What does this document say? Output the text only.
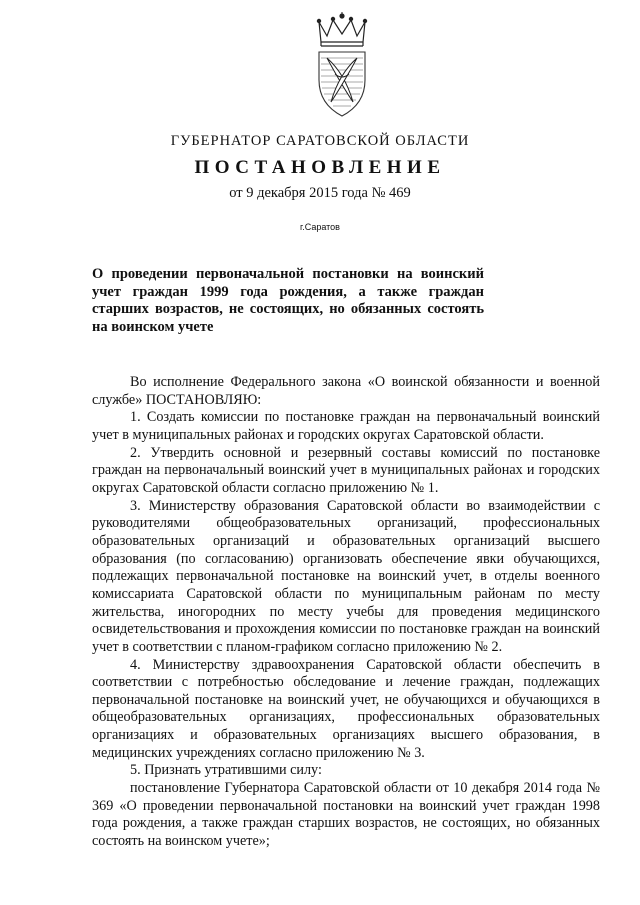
ГУБЕРНАТОР САРАТОВСКОЙ ОБЛАСТИ
ПОСТАНОВЛЕНИЕ
от 9 декабря 2015 года № 469
г.Саратов
О проведении первоначальной постановки на воинский учет граждан 1999 года рождения, а также граждан старших возрастов, не состоящих, но обязанных состоять на воинском учете

Во исполнение Федерального закона «О воинской обязанности и военной службе» ПОСТАНОВЛЯЮ:

1. Создать комиссии по постановке граждан на первоначальный воинский учет в муниципальных районах и городских округах Саратовской области.

2. Утвердить основной и резервный составы комиссий по постановке граждан на первоначальный воинский учет в муниципальных районах и городских округах Саратовской области согласно приложению № 1.

3. Министерству образования Саратовской области во взаимодействии с руководителями общеобразовательных организаций, профессиональных образовательных организаций и образовательных организаций высшего образования (по согласованию) организовать обеспечение явки обучающихся, подлежащих первоначальной постановке на воинский учет, в отделы военного комиссариата Саратовской области по муниципальным районам по месту жительства, иногородних по месту учебы для проведения медицинского освидетельствования и прохождения комиссии по постановке граждан на воинский учет в соответствии с планом-графиком согласно приложению № 2.

4. Министерству здравоохранения Саратовской области обеспечить в соответствии с потребностью обследование и лечение граждан, подлежащих первоначальной постановке на воинский учет, не обучающихся и обучающихся в общеобразовательных организациях, профессиональных образовательных организациях и образовательных организациях высшего образования, в медицинских учреждениях согласно приложению № 3.

5. Признать утратившими силу:

постановление Губернатора Саратовской области от 10 декабря 2014 года № 369 «О проведении первоначальной постановки на воинский учет граждан 1998 года рождения, а также граждан старших возрастов, не состоящих, но обязанных состоять на воинском учете»;
